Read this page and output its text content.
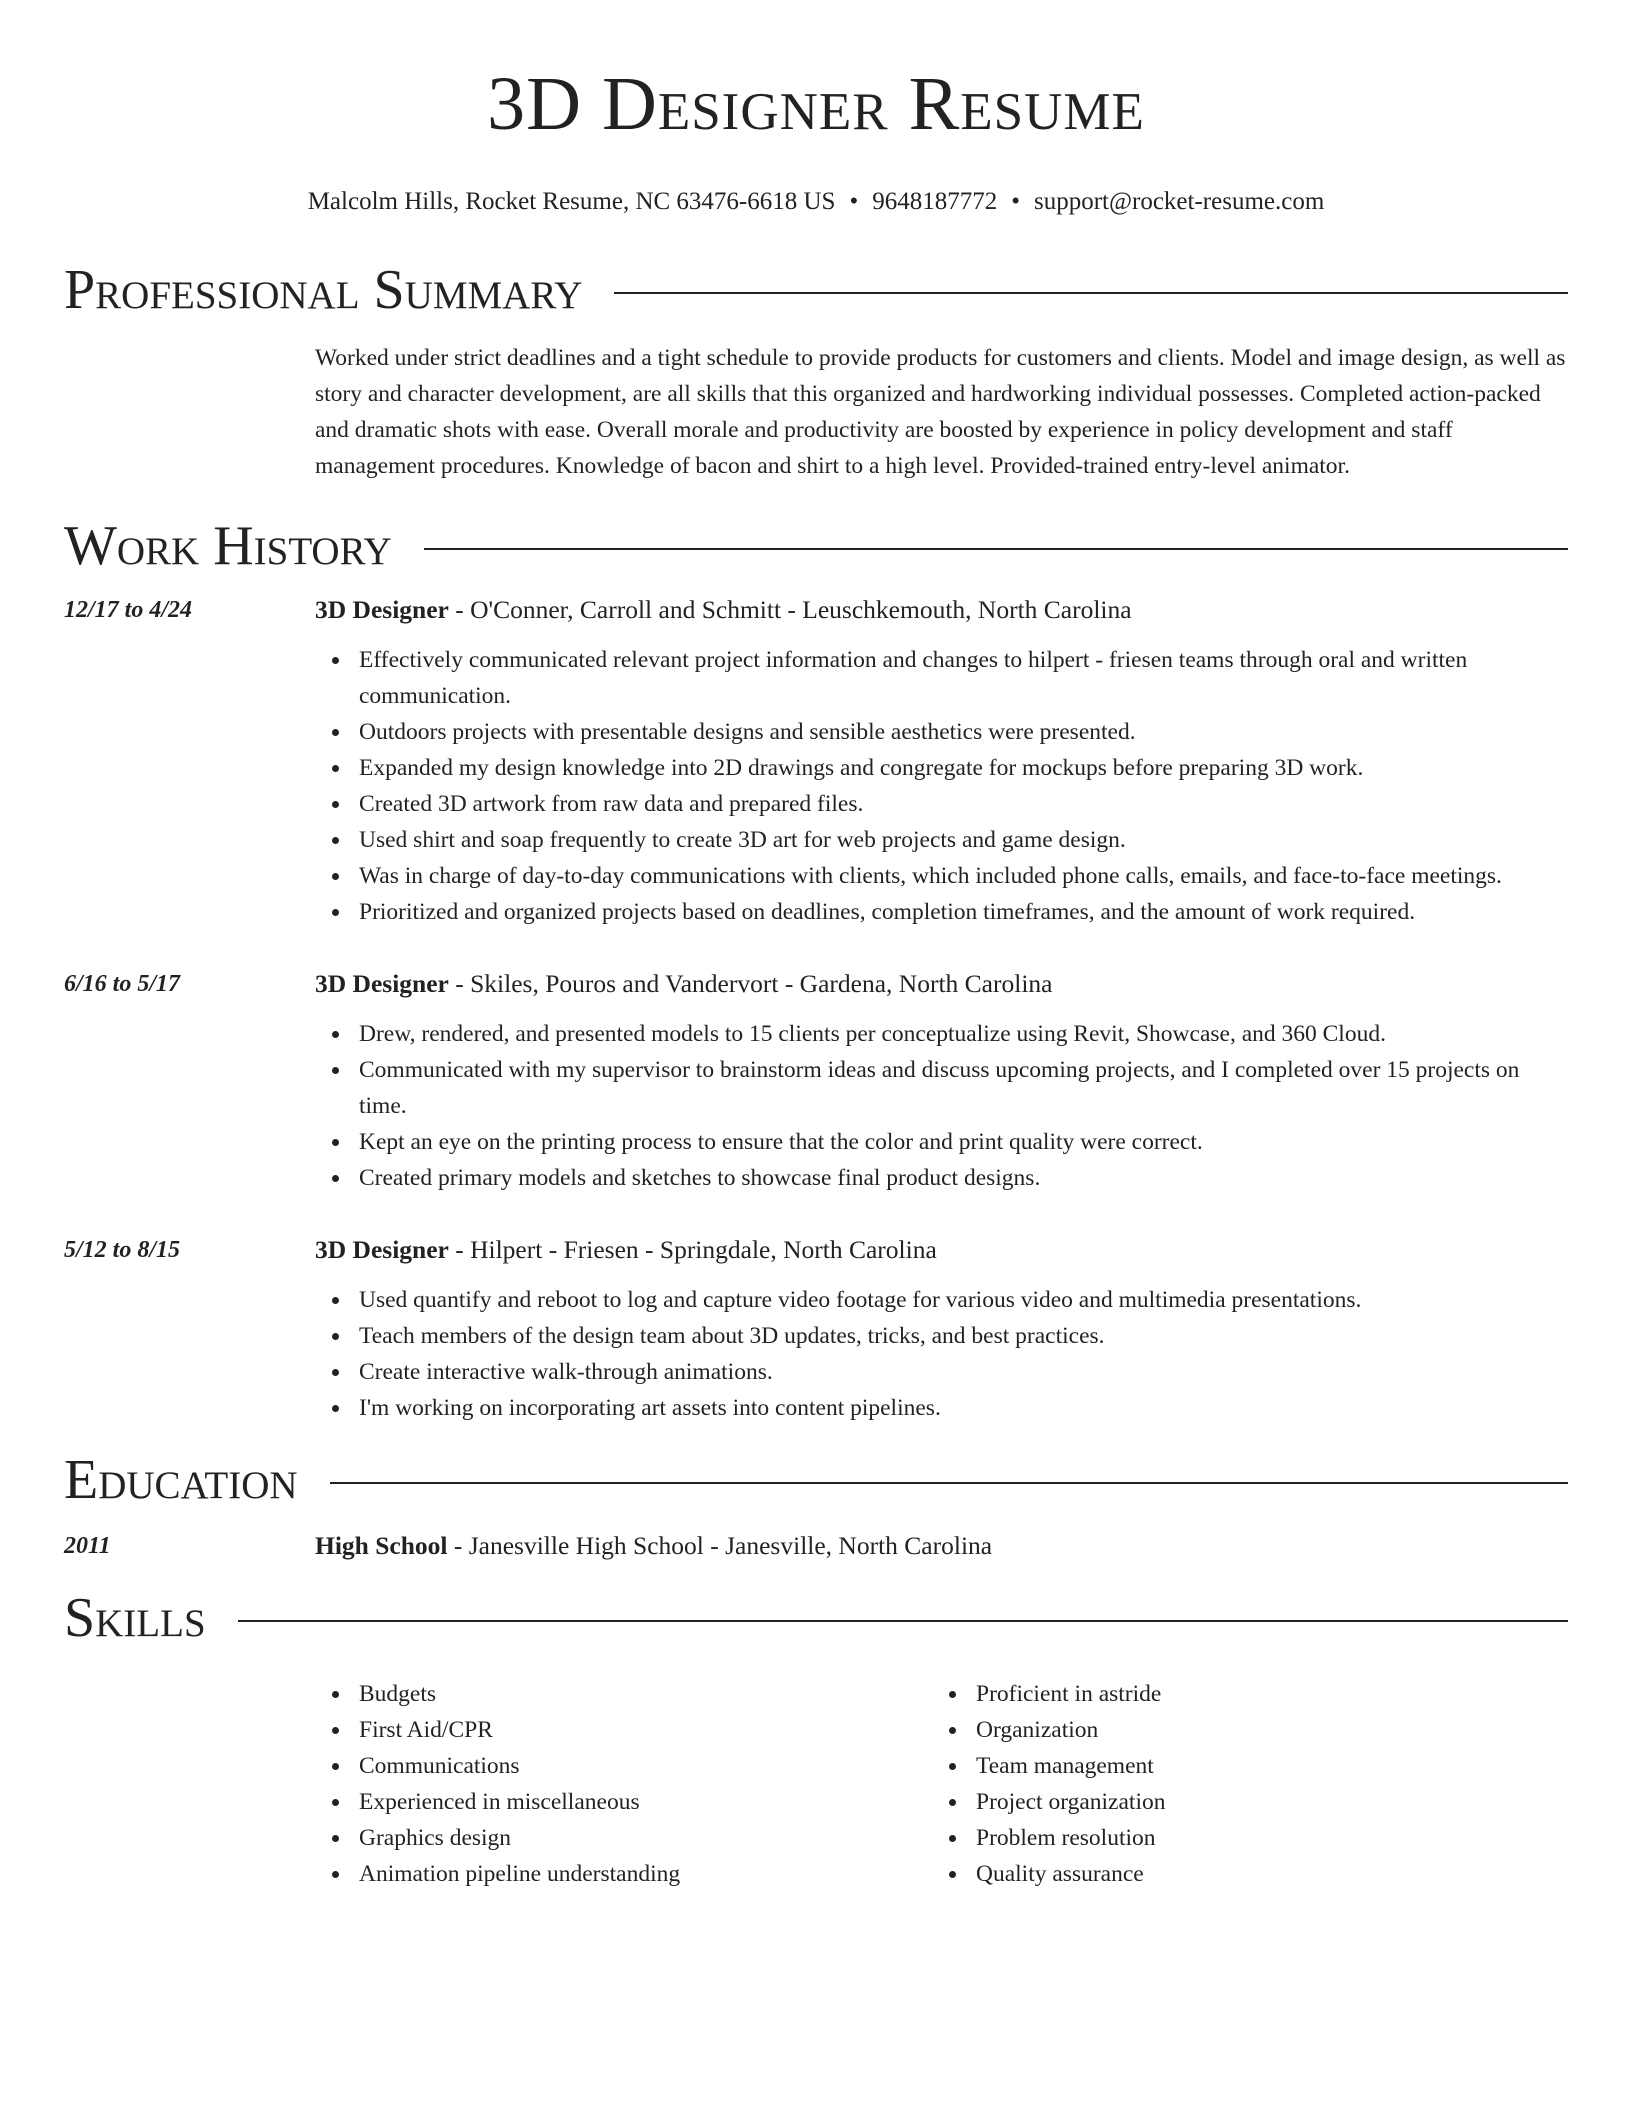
3D Designer Resume
Malcolm Hills, Rocket Resume, NC 63476-6618 US • 9648187772 • support@rocket-resume.com
Professional Summary
Worked under strict deadlines and a tight schedule to provide products for customers and clients. Model and image design, as well as story and character development, are all skills that this organized and hardworking individual possesses. Completed action-packed and dramatic shots with ease. Overall morale and productivity are boosted by experience in policy development and staff management procedures. Knowledge of bacon and shirt to a high level. Provided-trained entry-level animator.
Work History
12/17 to 4/24	3D Designer - O'Conner, Carroll and Schmitt - Leuschkemouth, North Carolina
Effectively communicated relevant project information and changes to hilpert - friesen teams through oral and written communication.
Outdoors projects with presentable designs and sensible aesthetics were presented.
Expanded my design knowledge into 2D drawings and congregate for mockups before preparing 3D work.
Created 3D artwork from raw data and prepared files.
Used shirt and soap frequently to create 3D art for web projects and game design.
Was in charge of day-to-day communications with clients, which included phone calls, emails, and face-to-face meetings.
Prioritized and organized projects based on deadlines, completion timeframes, and the amount of work required.
6/16 to 5/17	3D Designer - Skiles, Pouros and Vandervort - Gardena, North Carolina
Drew, rendered, and presented models to 15 clients per conceptualize using Revit, Showcase, and 360 Cloud.
Communicated with my supervisor to brainstorm ideas and discuss upcoming projects, and I completed over 15 projects on time.
Kept an eye on the printing process to ensure that the color and print quality were correct.
Created primary models and sketches to showcase final product designs.
5/12 to 8/15	3D Designer - Hilpert - Friesen - Springdale, North Carolina
Used quantify and reboot to log and capture video footage for various video and multimedia presentations.
Teach members of the design team about 3D updates, tricks, and best practices.
Create interactive walk-through animations.
I'm working on incorporating art assets into content pipelines.
Education
2011	High School - Janesville High School - Janesville, North Carolina
Skills
Budgets
First Aid/CPR
Communications
Experienced in miscellaneous
Graphics design
Animation pipeline understanding
Proficient in astride
Organization
Team management
Project organization
Problem resolution
Quality assurance
